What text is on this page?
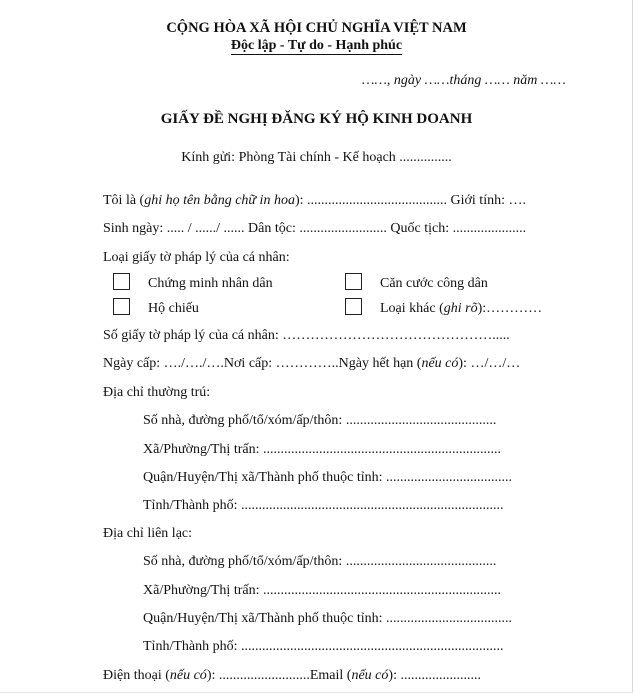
CỘNG HÒA XÃ HỘI CHỦ NGHĨA VIỆT NAM
Độc lập - Tự do - Hạnh phúc
……, ngày ……tháng …… năm ……
GIẤY ĐỀ NGHỊ ĐĂNG KÝ HỘ KINH DOANH
Kính gửi: Phòng Tài chính - Kế hoạch ...............
Tôi là (ghi họ tên bằng chữ in hoa): ........................................ Giới tính: ….
Sinh ngày: ..... / ....../ ...... Dân tộc: ......................... Quốc tịch: .....................
Loại giấy tờ pháp lý của cá nhân:
Chứng minh nhân dân	Căn cước công dân
Hộ chiếu	Loại khác (ghi rõ):…………
Số giấy tờ pháp lý của cá nhân: ……………………………………….....
Ngày cấp: …./…./….Nơi cấp: …………..Ngày hết hạn (nếu có): …/…/…
Địa chỉ thường trú:
Số nhà, đường phố/tổ/xóm/ấp/thôn: ...........................................
Xã/Phường/Thị trấn: ....................................................................
Quận/Huyện/Thị xã/Thành phố thuộc tỉnh: ....................................
Tỉnh/Thành phố: ...........................................................................
Địa chỉ liên lạc:
Số nhà, đường phố/tổ/xóm/ấp/thôn: ...........................................
Xã/Phường/Thị trấn: ....................................................................
Quận/Huyện/Thị xã/Thành phố thuộc tỉnh: ....................................
Tỉnh/Thành phố: ...........................................................................
Điện thoại (nếu có): ..........................Email (nếu có): .......................
